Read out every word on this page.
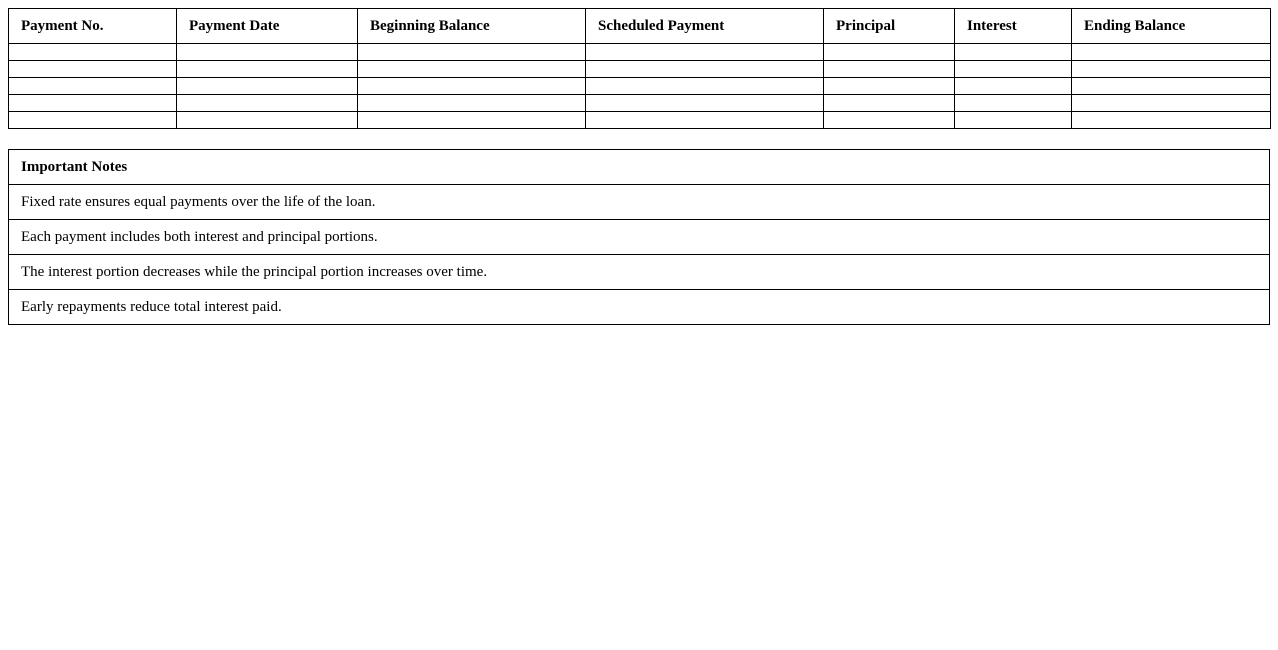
Payment No.	Payment Date	Beginning Balance	Scheduled Payment	Principal	Interest	Ending Balance

Important Notes
Fixed rate ensures equal payments over the life of the loan.
Each payment includes both interest and principal portions.
The interest portion decreases while the principal portion increases over time.
Early repayments reduce total interest paid.
